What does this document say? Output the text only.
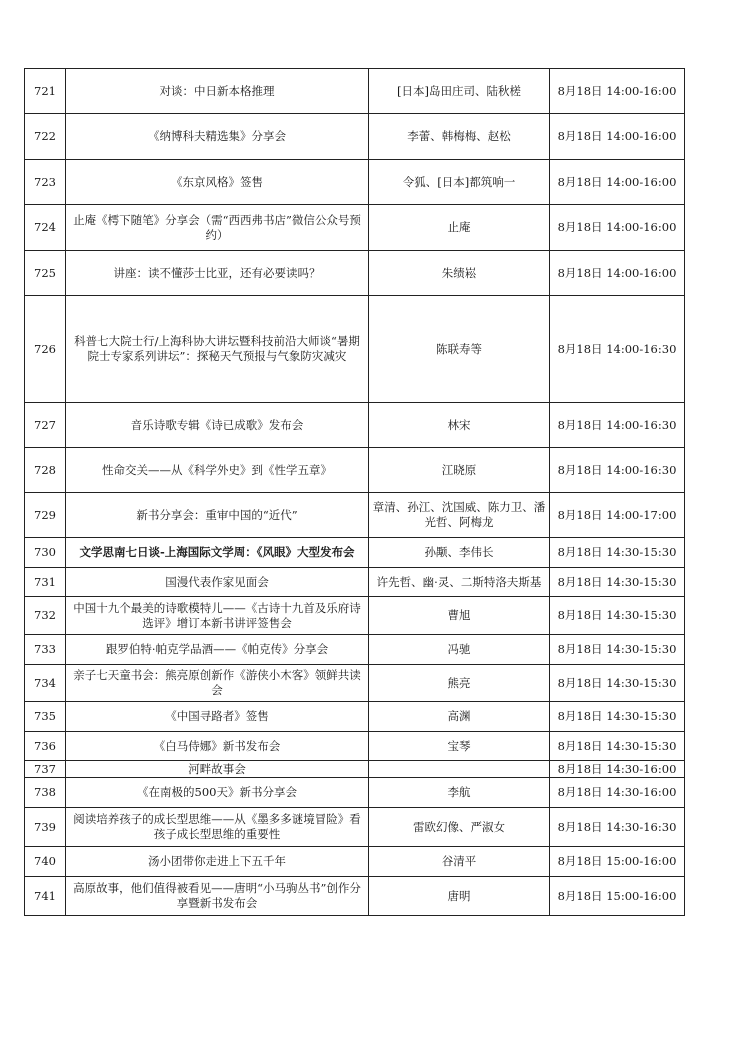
721	对谈：中日新本格推理	[日本]岛田庄司、陆秋槎	8月18日 14:00-16:00
722	《纳博科夫精选集》分享会	李蕾、韩梅梅、赵松	8月18日 14:00-16:00
723	《东京风格》签售	令狐、[日本]都筑响一	8月18日 14:00-16:00
724	止庵《樗下随笔》分享会（需“西西弗书店”微信公众号预约）	止庵	8月18日 14:00-16:00
725	讲座：读不懂莎士比亚，还有必要读吗？	朱绩崧	8月18日 14:00-16:00
726	科普七大院士行/上海科协大讲坛暨科技前沿大师谈“暑期院士专家系列讲坛”：探秘天气预报与气象防灾减灾	陈联寿等	8月18日 14:00-16:30
727	音乐诗歌专辑《诗已成歌》发布会	林宋	8月18日 14:00-16:30
728	性命交关——从《科学外史》到《性学五章》	江晓原	8月18日 14:00-16:30
729	新书分享会：重审中国的“近代”	章清、孙江、沈国威、陈力卫、潘光哲、阿梅龙	8月18日 14:00-17:00
730	文学思南七日谈-上海国际文学周：《风眼》大型发布会	孙颙、李伟长	8月18日 14:30-15:30
731	国漫代表作家见面会	许先哲、幽·灵、二斯特洛夫斯基	8月18日 14:30-15:30
732	中国十九个最美的诗歌模特儿——《古诗十九首及乐府诗选评》增订本新书讲评签售会	曹旭	8月18日 14:30-15:30
733	跟罗伯特·帕克学品酒——《帕克传》分享会	冯驰	8月18日 14:30-15:30
734	亲子七天童书会：熊亮原创新作《游侠小木客》领鲜共读会	熊亮	8月18日 14:30-15:30
735	《中国寻路者》签售	高渊	8月18日 14:30-15:30
736	《白马侍娜》新书发布会	宝琴	8月18日 14:30-15:30
737	河畔故事会		8月18日 14:30-16:00
738	《在南极的500天》新书分享会	李航	8月18日 14:30-16:00
739	阅读培养孩子的成长型思维——从《墨多多谜境冒险》看孩子成长型思维的重要性	雷欧幻像、严淑女	8月18日 14:30-16:30
740	汤小团带你走进上下五千年	谷清平	8月18日 15:00-16:00
741	高原故事，他们值得被看见——唐明“小马驹丛书”创作分享暨新书发布会	唐明	8月18日 15:00-16:00
